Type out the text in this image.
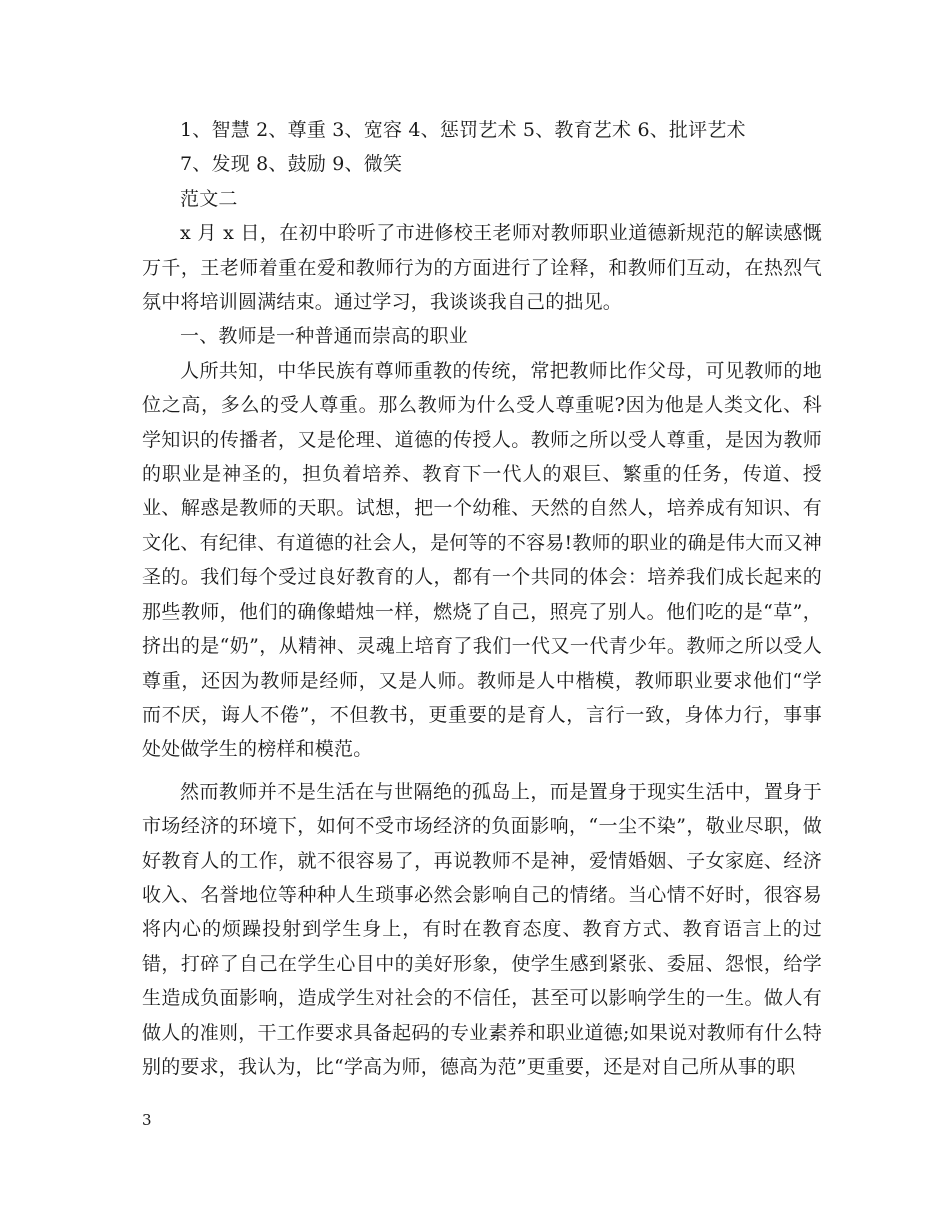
1、智慧 2、尊重 3、宽容 4、惩罚艺术 5、教育艺术 6、批评艺术

7、发现 8、鼓励 9、微笑

范文二

x 月 x 日，在初中聆听了市进修校王老师对教师职业道德新规范的解读感慨万千，王老师着重在爱和教师行为的方面进行了诠释，和教师们互动，在热烈气氛中将培训圆满结束。通过学习，我谈谈我自己的拙见。

一、教师是一种普通而崇高的职业

人所共知，中华民族有尊师重教的传统，常把教师比作父母，可见教师的地位之高，多么的受人尊重。那么教师为什么受人尊重呢?因为他是人类文化、科学知识的传播者，又是伦理、道德的传授人。教师之所以受人尊重，是因为教师的职业是神圣的，担负着培养、教育下一代人的艰巨、繁重的任务，传道、授业、解惑是教师的天职。试想，把一个幼稚、天然的自然人，培养成有知识、有文化、有纪律、有道德的社会人，是何等的不容易!教师的职业的确是伟大而又神圣的。我们每个受过良好教育的人，都有一个共同的体会：培养我们成长起来的那些教师，他们的确像蜡烛一样，燃烧了自己，照亮了别人。他们吃的是“草”，挤出的是“奶”，从精神、灵魂上培育了我们一代又一代青少年。教师之所以受人尊重，还因为教师是经师，又是人师。教师是人中楷模，教师职业要求他们“学而不厌，诲人不倦”，不但教书，更重要的是育人，言行一致，身体力行，事事处处做学生的榜样和模范。

然而教师并不是生活在与世隔绝的孤岛上，而是置身于现实生活中，置身于市场经济的环境下，如何不受市场经济的负面影响，“一尘不染”，敬业尽职，做好教育人的工作，就不很容易了，再说教师不是神，爱情婚姻、子女家庭、经济收入、名誉地位等种种人生琐事必然会影响自己的情绪。当心情不好时，很容易将内心的烦躁投射到学生身上，有时在教育态度、教育方式、教育语言上的过错，打碎了自己在学生心目中的美好形象，使学生感到紧张、委屈、怨恨，给学生造成负面影响，造成学生对社会的不信任，甚至可以影响学生的一生。做人有做人的准则，干工作要求具备起码的专业素养和职业道德;如果说对教师有什么特别的要求，我认为，比“学高为师，德高为范”更重要，还是对自己所从事的职

3
